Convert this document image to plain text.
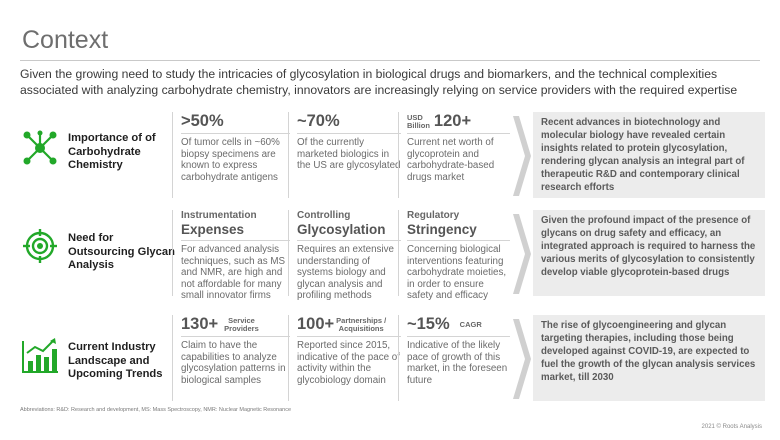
Context

Given the growing need to study the intricacies of glycosylation in biological drugs and biomarkers, and the technical complexities associated with analyzing carbohydrate chemistry, innovators are increasingly relying on service providers with the required expertise

Importance of of Carbohydrate Chemistry
>50%
Of tumor cells in ~60% biopsy specimens are known to express carbohydrate antigens
~70%
Of the currently marketed biologics in the US are glycosylated
USD
Billion 120+
Current net worth of glycoprotein and carbohydrate-based drugs market
Recent advances in biotechnology and molecular biology have revealed certain insights related to protein glycosylation, rendering glycan analysis an integral part of therapeutic R&D and contemporary clinical research efforts
Need for Outsourcing Glycan Analysis
Instrumentation
Expenses
For advanced analysis techniques, such as MS and NMR, are high and not affordable for many small innovator firms
Controlling
Glycosylation
Requires an extensive understanding of systems biology and glycan analysis and profiling methods
Regulatory
Stringency
Concerning biological interventions featuring carbohydrate moieties, in order to ensure safety and efficacy
Given the profound impact of the presence of glycans on drug safety and efficacy, an integrated approach is required to harness the various merits of glycosylation to consistently develop viable glycoprotein-based drugs
Current Industry Landscape and Upcoming Trends
130+ Service
Providers
Claim to have the capabilities to analyze glycosylation patterns in biological samples
100+ Partnerships /
Acquisitions
Reported since 2015, indicative of the pace of activity within the glycobiology domain
~15% CAGR

Indicative of the likely pace of growth of this market, in the foreseen future
The rise of glycoengineering and glycan targeting therapies, including those being developed against COVID-19, are expected to fuel the growth of the glycan analysis services market, till 2030
Abbreviations: R&D: Research and development, MS: Mass Spectroscopy, NMR: Nuclear Magnetic Resonance
2021 © Roots Analysis
